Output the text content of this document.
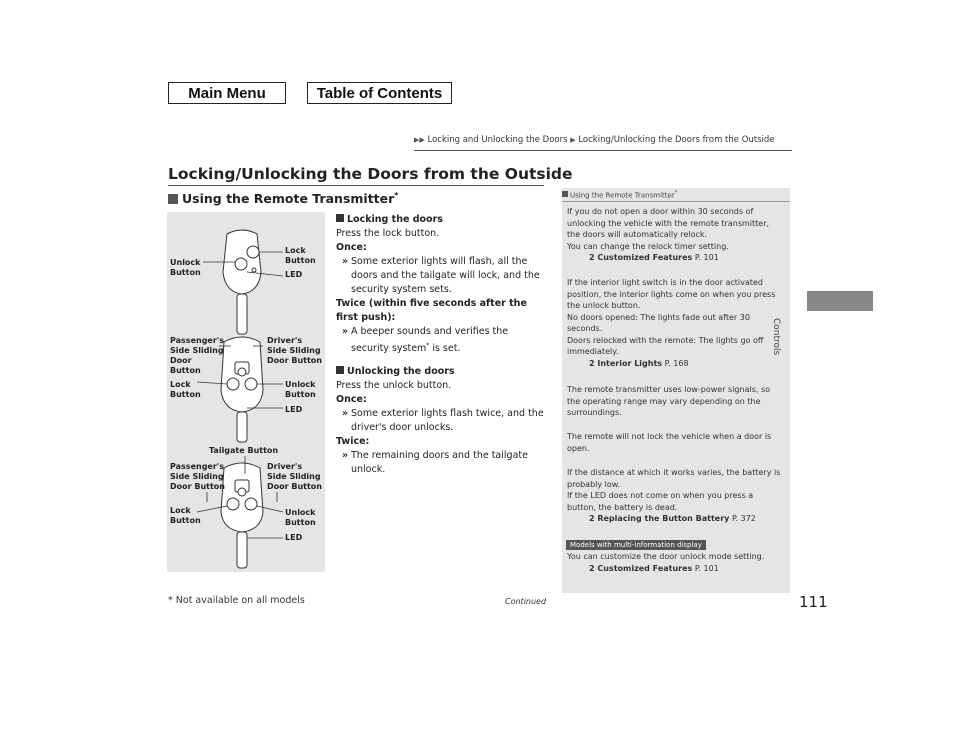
Main Menu	Table of Contents
▶▶ Locking and Unlocking the Doors ▶ Locking/Unlocking the Doors from the Outside
Locking/Unlocking the Doors from the Outside
Using the Remote Transmitter*
Unlock Button
Lock Button
LED
Passenger's Side Sliding Door Button
Driver's Side Sliding Door Button
Lock Button
Unlock Button
LED
Tailgate Button
Passenger's Side Sliding Door Button
Driver's Side Sliding Door Button
Lock Button
Unlock Button
LED
Locking the doors
Press the lock button.
Once:
» Some exterior lights will flash, all the doors and the tailgate will lock, and the security system sets.
Twice (within five seconds after the first push):
» A beeper sounds and verifies the security system* is set.
Unlocking the doors
Press the unlock button.
Once:
» Some exterior lights flash twice, and the driver's door unlocks.
Twice:
» The remaining doors and the tailgate unlock.
Using the Remote Transmitter*
If you do not open a door within 30 seconds of unlocking the vehicle with the remote transmitter, the doors will automatically relock.
You can change the relock timer setting.
2 Customized Features P. 101
If the interior light switch is in the door activated position, the interior lights come on when you press the unlock button.
No doors opened: The lights fade out after 30 seconds.
Doors relocked with the remote: The lights go off immediately.
2 Interior Lights P. 168
The remote transmitter uses low-power signals, so the operating range may vary depending on the surroundings.
The remote will not lock the vehicle when a door is open.
If the distance at which it works varies, the battery is probably low.
If the LED does not come on when you press a button, the battery is dead.
2 Replacing the Button Battery P. 372
Models with multi-information display
You can customize the door unlock mode setting.
2 Customized Features P. 101
Controls
* Not available on all models	Continued	111
